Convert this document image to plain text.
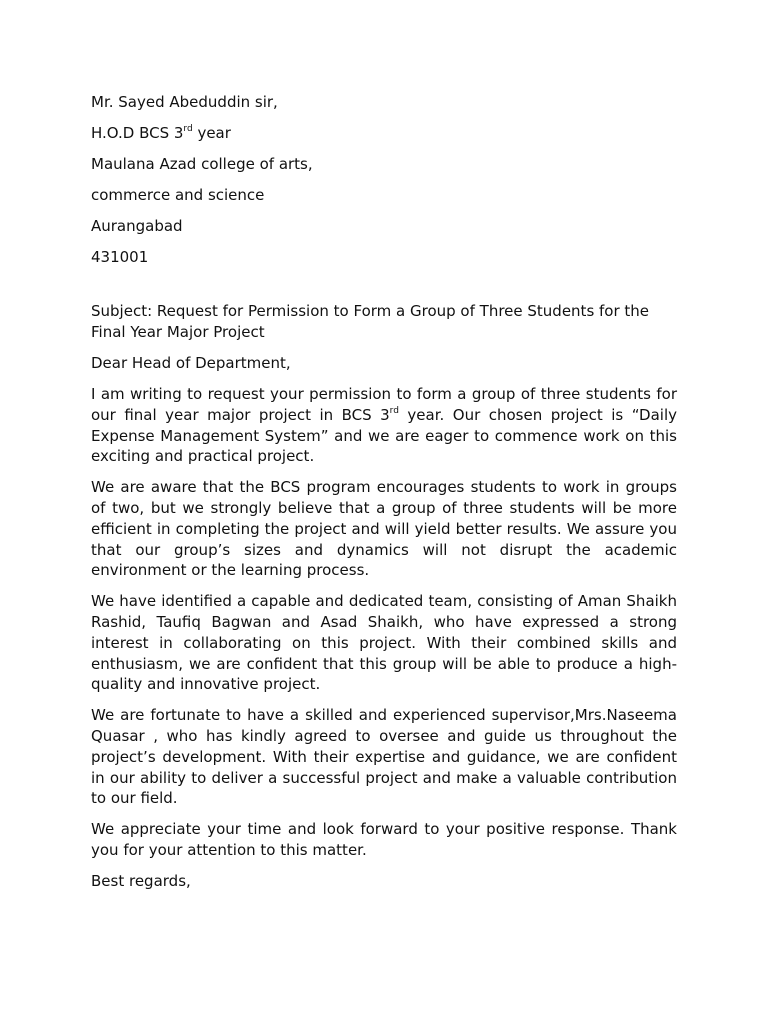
Mr. Sayed Abeduddin sir,

H.O.D BCS 3rd year

Maulana Azad college of arts,

commerce and science

Aurangabad

431001

Subject: Request for Permission to Form a Group of Three Students for the Final Year Major Project

Dear Head of Department,

I am writing to request your permission to form a group of three students for our final year major project in BCS 3rd year. Our chosen project is “Daily Expense Management System” and we are eager to commence work on this exciting and practical project.

We are aware that the BCS program encourages students to work in groups of two, but we strongly believe that a group of three students will be more efficient in completing the project and will yield better results. We assure you that our group’s sizes and dynamics will not disrupt the academic environment or the learning process.

We have identified a capable and dedicated team, consisting of Aman Shaikh Rashid, Taufiq Bagwan and Asad Shaikh, who have expressed a strong interest in collaborating on this project. With their combined skills and enthusiasm, we are confident that this group will be able to produce a high-quality and innovative project.

We are fortunate to have a skilled and experienced supervisor,Mrs.Naseema Quasar , who has kindly agreed to oversee and guide us throughout the project’s development. With their expertise and guidance, we are confident in our ability to deliver a successful project and make a valuable contribution to our field.

We appreciate your time and look forward to your positive response. Thank you for your attention to this matter.

Best regards,
